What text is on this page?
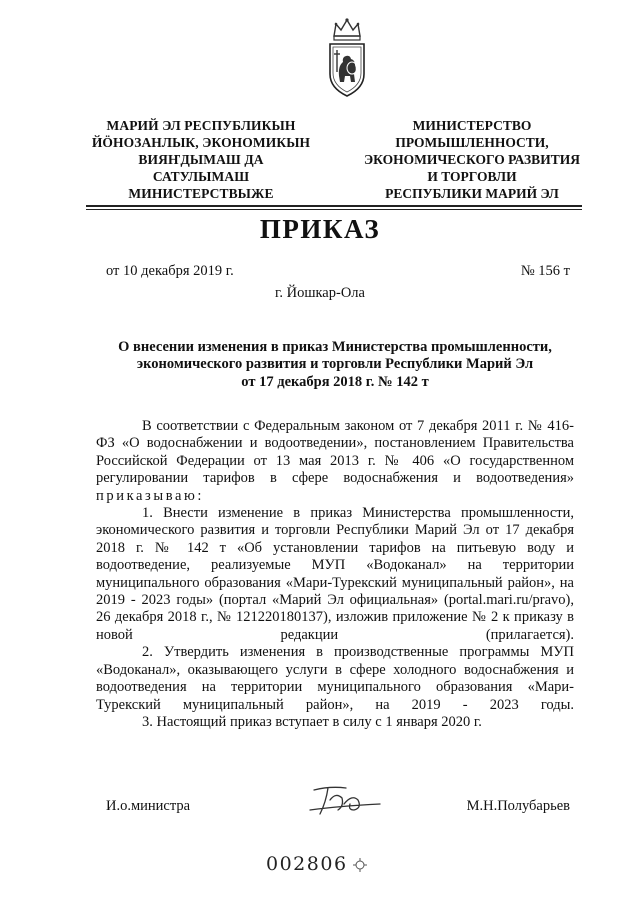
МАРИЙ ЭЛ РЕСПУБЛИКЫН
ЙӦНОЗАНЛЫК, ЭКОНОМИКЫН
ВИЯҤДЫМАШ ДА
САТУЛЫМАШ
МИНИСТЕРСТВЫЖЕ
МИНИСТЕРСТВО
ПРОМЫШЛЕННОСТИ,
ЭКОНОМИЧЕСКОГО РАЗВИТИЯ
И ТОРГОВЛИ
РЕСПУБЛИКИ МАРИЙ ЭЛ
ПРИКАЗ
от 10 декабря 2019 г.	№ 156 т
г. Йошкар-Ола
О внесении изменения в приказ Министерства промышленности,
экономического развития и торговли Республики Марий Эл
от 17 декабря 2018 г. № 142 т

В соответствии с Федеральным законом от 7 декабря 2011 г. № 416-ФЗ «О водоснабжении и водоотведении», постановлением Правительства Российской Федерации от 13 мая 2013 г. № 406 «О государственном регулировании тарифов в сфере водоснабжения и водоотведения» приказываю:

1. Внести изменение в приказ Министерства промышленности, экономического развития и торговли Республики Марий Эл от 17 декабря 2018 г. № 142 т «Об установлении тарифов на питьевую воду и водоотведение, реализуемые МУП «Водоканал» на территории муниципального образования «Мари-Турекский муниципальный район», на 2019 - 2023 годы» (портал «Марий Эл официальная» (portal.mari.ru/pravo), 26 декабря 2018 г., № 121220180137), изложив приложение № 2 к приказу в новой редакции (прилагается).

2. Утвердить изменения в производственные программы МУП «Водоканал», оказывающего услуги в сфере холодного водоснабжения и водоотведения на территории муниципального образования «Мари-Турекский муниципальный район», на 2019 - 2023 годы.

3. Настоящий приказ вступает в силу с 1 января 2020 г.

И.о.министра	М.Н.Полубарьев
002806
